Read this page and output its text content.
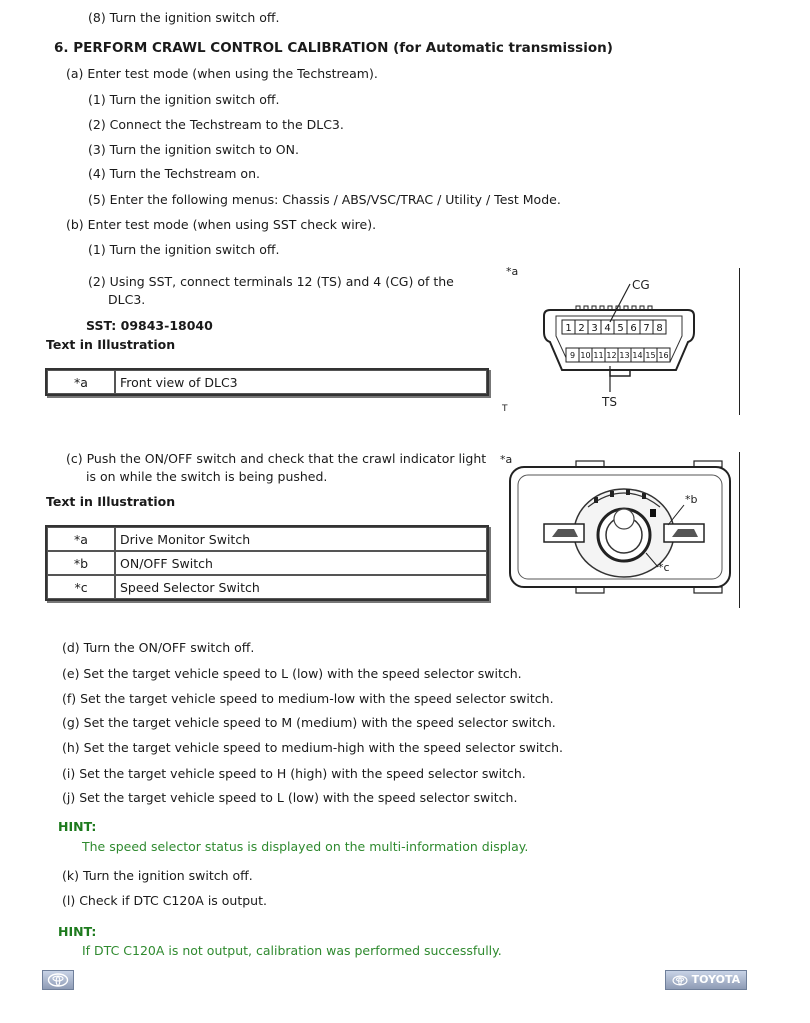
(8) Turn the ignition switch off.
6. PERFORM CRAWL CONTROL CALIBRATION (for Automatic transmission)
(a) Enter test mode (when using the Techstream).
(1) Turn the ignition switch off.
(2) Connect the Techstream to the DLC3.
(3) Turn the ignition switch to ON.
(4) Turn the Techstream on.
(5) Enter the following menus: Chassis / ABS/VSC/TRAC / Utility / Test Mode.
(b) Enter test mode (when using SST check wire).
(1) Turn the ignition switch off.
(2) Using SST, connect terminals 12 (TS) and 4 (CG) of the
DLC3.
SST: 09843-18040
Text in Illustration
*a	Front view of DLC3
*a
T
1 2 3 4 5 6 7 8
9 10 11 12 13 14 15 16
CG
TS
(c) Push the ON/OFF switch and check that the crawl indicator light
is on while the switch is being pushed.
Text in Illustration
*a	Drive Monitor Switch
*b	ON/OFF Switch
*c	Speed Selector Switch
*a
*b
*c
(d) Turn the ON/OFF switch off.
(e) Set the target vehicle speed to L (low) with the speed selector switch.
(f) Set the target vehicle speed to medium-low with the speed selector switch.
(g) Set the target vehicle speed to M (medium) with the speed selector switch.
(h) Set the target vehicle speed to medium-high with the speed selector switch.
(i) Set the target vehicle speed to H (high) with the speed selector switch.
(j) Set the target vehicle speed to L (low) with the speed selector switch.
HINT:
The speed selector status is displayed on the multi-information display.
(k) Turn the ignition switch off.
(l) Check if DTC C120A is output.
HINT:
If DTC C120A is not output, calibration was performed successfully.
TOYOTA
